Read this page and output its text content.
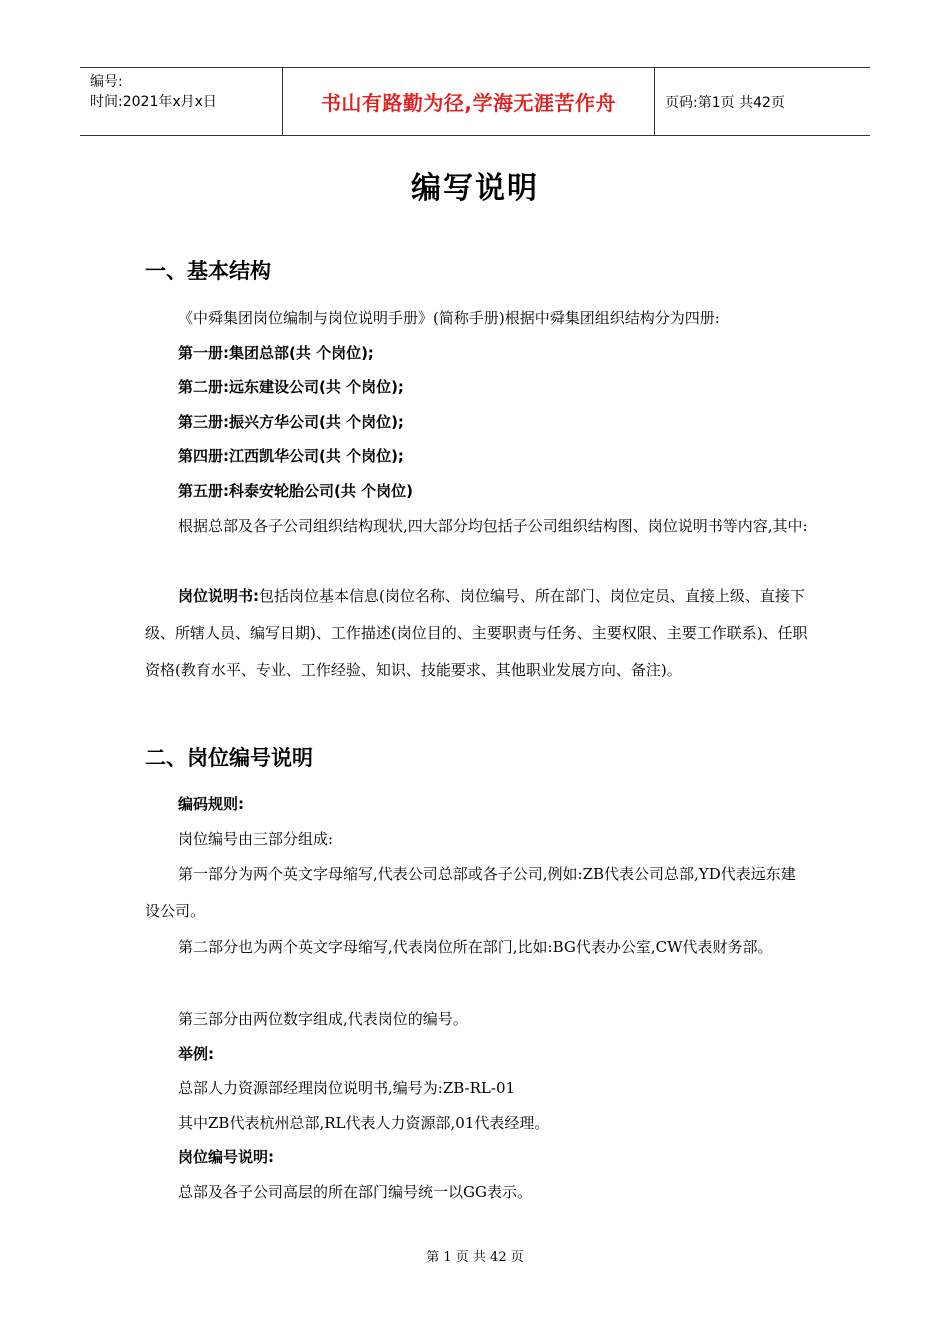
编号:
时间:2021年x月x日	书山有路勤为径,学海无涯苦作舟	页码:第1页 共42页
编写说明
一、基本结构
《中舜集团岗位编制与岗位说明手册》(简称手册)根据中舜集团组织结构分为四册:
第一册:集团总部(共 个岗位);
第二册:远东建设公司(共 个岗位);
第三册:振兴方华公司(共 个岗位);
第四册:江西凯华公司(共 个岗位);
第五册:科泰安轮胎公司(共 个岗位)
根据总部及各子公司组织结构现状,四大部分均包括子公司组织结构图、岗位说明书等内容,其中:
岗位说明书:包括岗位基本信息(岗位名称、岗位编号、所在部门、岗位定员、直接上级、直接下级、所辖人员、编写日期)、工作描述(岗位目的、主要职责与任务、主要权限、主要工作联系)、任职资格(教育水平、专业、工作经验、知识、技能要求、其他职业发展方向、备注)。
二、岗位编号说明
编码规则:
岗位编号由三部分组成:
第一部分为两个英文字母缩写,代表公司总部或各子公司,例如:ZB代表公司总部,YD代表远东建设公司。
第二部分也为两个英文字母缩写,代表岗位所在部门,比如:BG代表办公室,CW代表财务部。
第三部分由两位数字组成,代表岗位的编号。
举例:
总部人力资源部经理岗位说明书,编号为:ZB-RL-01
其中ZB代表杭州总部,RL代表人力资源部,01代表经理。
岗位编号说明:
总部及各子公司高层的所在部门编号统一以GG表示。
第 1 页 共 42 页
